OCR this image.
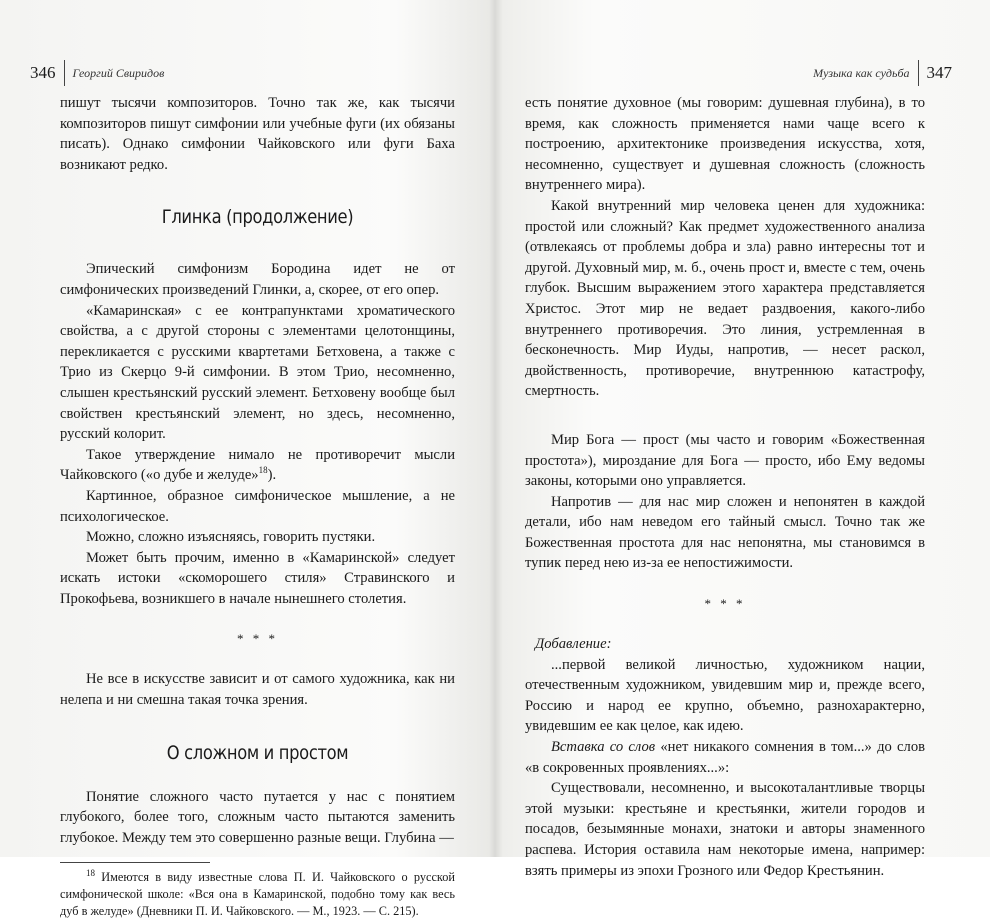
346 Георгий Свиридов

пишут тысячи композиторов. Точно так же, как тысячи композиторов пишут симфонии или учебные фуги (их обязаны писать). Однако симфонии Чайковского или фуги Баха возникают редко.

Глинка (продолжение)

Эпический симфонизм Бородина идет не от симфонических произведений Глинки, а, скорее, от его опер.

«Камаринская» с ее контрапунктами хроматического свойства, а с другой стороны с элементами целотонщины, перекликается с русскими квартетами Бетховена, а также с Трио из Скерцо 9-й симфонии. В этом Трио, несомненно, слышен крестьянский русский элемент. Бетховену вообще был свойствен крестьянский элемент, но здесь, несомненно, русский колорит.

Такое утверждение нимало не противоречит мысли Чайковского («о дубе и желуде»$^{18}$).

Картинное, образное симфоническое мышление, а не психологическое.

Можно, сложно изъясняясь, говорить пустяки.

Может быть прочим, именно в «Камаринской» следует искать истоки «скоморошего стиля» Стравинского и Прокофьева, возникшего в начале нынешнего столетия.

* * *

Не все в искусстве зависит и от самого художника, как ни нелепа и ни смешна такая точка зрения.

О сложном и простом

Понятие сложного часто путается у нас с понятием глубокого, более того, сложным часто пытаются заменить глубокое. Между тем это совершенно разные вещи. Глубина —

$^{18}$ Имеются в виду известные слова П. И. Чайковского о русской симфонической школе: «Вся она в Камаринской, подобно тому как весь дуб в желуде» (Дневники П. И. Чайковского. — М., 1923. — С. 215).

Музыка как судьба 347

есть понятие духовное (мы говорим: душевная глубина), в то время, как сложность применяется нами чаще всего к построению, архитектонике произведения искусства, хотя, несомненно, существует и душевная сложность (сложность внутреннего мира).

Какой внутренний мир человека ценен для художника: простой или сложный? Как предмет художественного анализа (отвлекаясь от проблемы добра и зла) равно интересны тот и другой. Духовный мир, м. б., очень прост и, вместе с тем, очень глубок. Высшим выражением этого характера представляется Христос. Этот мир не ведает раздвоения, какого-либо внутреннего противоречия. Это линия, устремленная в бесконечность. Мир Иуды, напротив, — несет раскол, двойственность, противоречие, внутреннюю катастрофу, смертность.

Мир Бога — прост (мы часто и говорим «Божественная простота»), мироздание для Бога — просто, ибо Ему ведомы законы, которыми оно управляется.

Напротив — для нас мир сложен и непонятен в каждой детали, ибо нам неведом его тайный смысл. Точно так же Божественная простота для нас непонятна, мы становимся в тупик перед нею из-за ее непостижимости.

* * *

Добавление:

...первой великой личностью, художником нации, отечественным художником, увидевшим мир и, прежде всего, Россию и народ ее крупно, объемно, разнохарактерно, увидевшим ее как целое, как идею.

Вставка со слов «нет никакого сомнения в том...» до слов «в сокровенных проявлениях...»:

Существовали, несомненно, и высокоталантливые творцы этой музыки: крестьяне и крестьянки, жители городов и посадов, безымянные монахи, знатоки и авторы знаменного распева. История оставила нам некоторые имена, например: взять примеры из эпохи Грозного или Федор Крестьянин.
